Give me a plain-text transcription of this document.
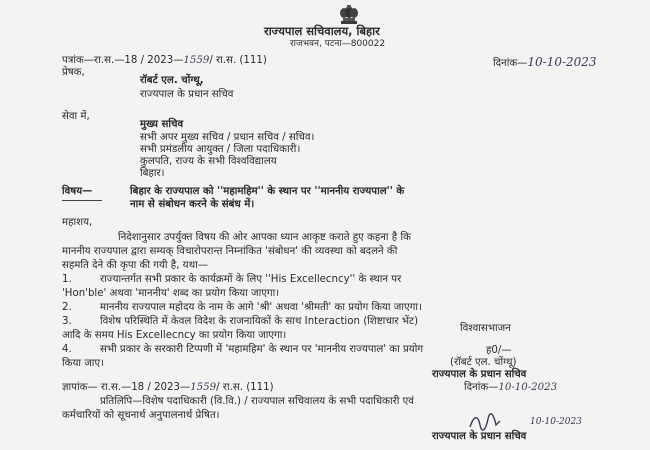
राज्यपाल सचिवालय, बिहार
राजभवन, पटना—800022
पत्रांक—रा.स.—18 / 2023—1559/ रा.स. (111)	दिनांक—10-10-2023
प्रेषक,
रॉबर्ट एल. चोंग्थू,
राज्यपाल के प्रधान सचिव
सेवा में,
मुख्य सचिव
सभी अपर मुख्य सचिव / प्रधान सचिव / सचिव।
सभी प्रमंडलीय आयुक्त / जिला पदाधिकारी।
कुलपति, राज्य के सभी विश्वविद्यालय
बिहार।
विषय—	बिहार के राज्यपाल को ''महामहिम'' के स्थान पर ''माननीय राज्यपाल'' के
नाम से संबोधन करने के संबंध में।
महाशय,
निदेशानुसार उपर्युक्त विषय की ओर आपका ध्यान आकृष्ट कराते हुए कहना है कि
माननीय राज्यपाल द्वारा सम्यक् विचारोपरान्त निम्नांकित 'संबोधन' की व्यवस्था को बदलने की
सहमति देने की कृपा की गयी है, यथा—
1.	राज्यान्तर्गत सभी प्रकार के कार्यक्रमों के लिए ''His Excellecncy'' के स्थान पर
'Hon'ble' अथवा 'माननीय' शब्द का प्रयोग किया जाएगा।
2.	माननीय राज्यपाल महोदय के नाम के आगे 'श्री' अथवा 'श्रीमती' का प्रयोग किया जाएगा।
3.	विशेष परिस्थिति में केवल विदेश के राजनायिकों के साथ Interaction (शिष्टाचार भेंट)
आदि के समय His Excellecncy का प्रयोग किया जाएगा।
4.	सभी प्रकार के सरकारी टिप्पणी में 'महामहिम' के स्थान पर 'माननीय राज्यपाल' का प्रयोग
किया जाए।
विश्वासभाजन
ह0/—
(रॉबर्ट एल. चोंग्थू)
राज्यपाल के प्रधान सचिव
ज्ञापांक— रा.स.—18 / 2023—1559/ रा.स. (111)	दिनांक—10-10-2023
प्रतिलिपि—विशेष पदाधिकारी (वि.वि.) / राज्यपाल सचिवालय के सभी पदाधिकारी एवं
कर्मचारियों को सूचनार्थ अनुपालनार्थ प्रेषित।
10-10-2023
राज्यपाल के प्रधान सचिव
